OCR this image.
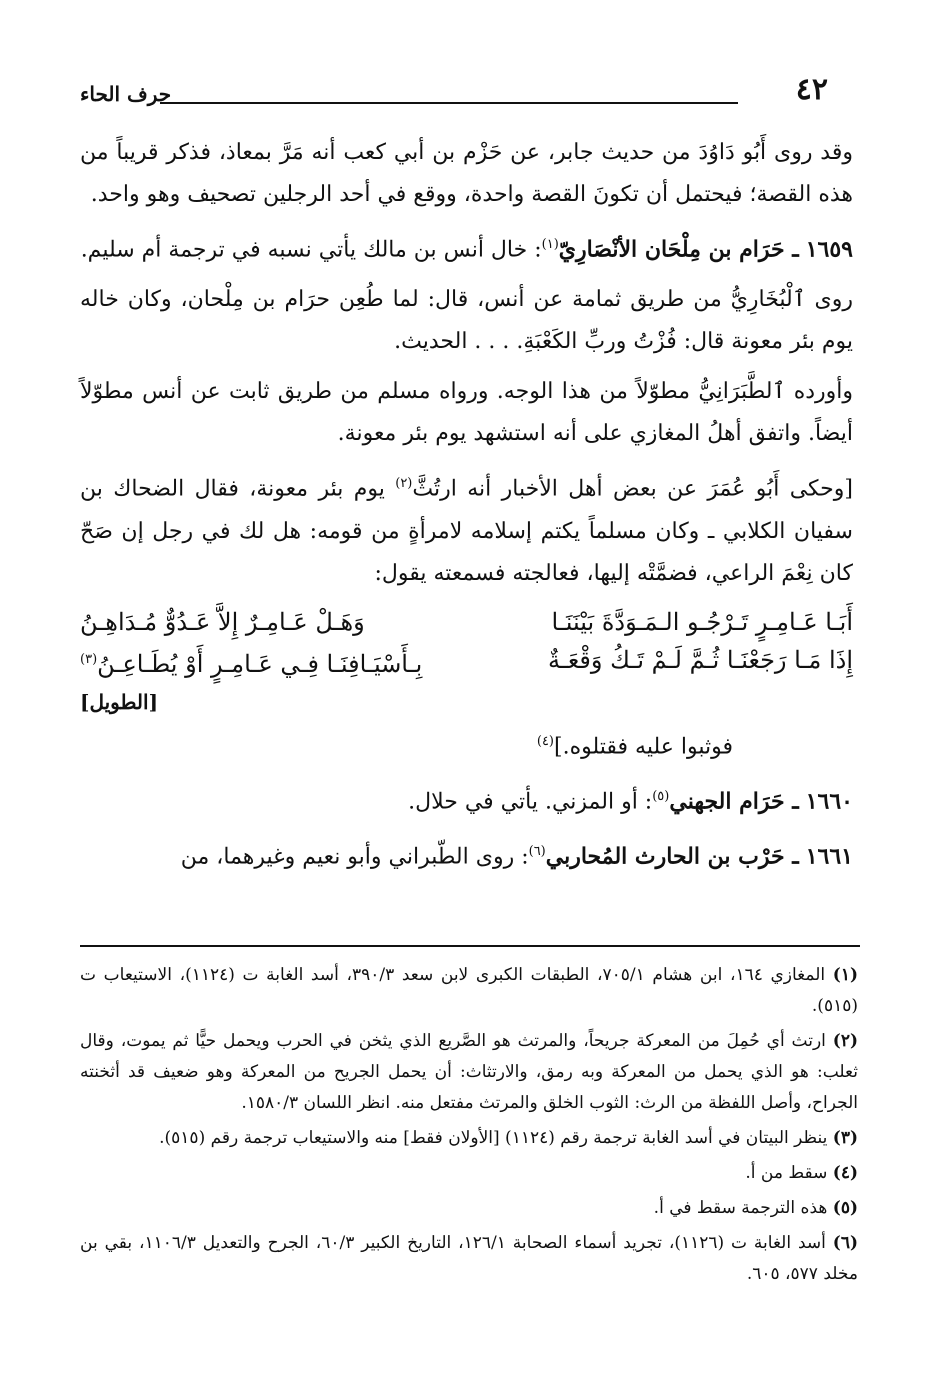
٤٢
حرف الحاء

وقد روى أَبُو دَاوُدَ من حديث جابر، عن حَزْم بن أبي كعب أنه مَرَّ بمعاذ، فذكر قريباً من هذه القصة؛ فيحتمل أن تكونَ القصة واحدة، ووقع في أحد الرجلين تصحيف وهو واحد.

١٦٥٩ ـ حَرَام بن مِلْحَان الأنْصَارِيّ$^{(١)}$: خال أنس بن مالك يأتي نسبه في ترجمة أم سليم.

روى ٱلْبُخَارِيُّ من طريق ثمامة عن أنس، قال: لما طُعِن حرَام بن مِلْحان، وكان خاله يوم بئر معونة قال: فُزْتُ وربِّ الكَعْبَةِ. . . . الحديث.

وأورده ٱلطَّبَرَانِيُّ مطوّلاً من هذا الوجه. ورواه مسلم من طريق ثابت عن أنس مطوّلاً أيضاً. واتفق أهلُ المغازي على أنه استشهد يوم بئر معونة.

[وحكى أَبُو عُمَرَ عن بعض أهل الأخبار أنه ارتُثَّ$^{(٢)}$ يوم بئر معونة، فقال الضحاك بن سفيان الكلابي ـ وكان مسلماً يكتم إسلامه لامرأةٍ من قومه: هل لك في رجل إن صَحّ كان نِعْمَ الراعي، فضمَّتْه إليها، فعالجته فسمعته يقول:

أَبَـا عَـامِـرٍ تَـرْجُـو الـمَـوَدَّةَ بَيْنَنَـا
وَهَـلْ عَـامِـرٌ إِلاَّ عَـدُوٌّ مُـدَاهِـنُ
إِذَا مَـا رَجَعْنَـا ثُـمَّ لَـمْ تَـكُ وَقْعَـةٌ
بِـأَسْيَـافِنَـا فِـي عَـامِـرٍ أَوْ يُطَـاعِـنُ$^{(٣)}$
[الطويل]

فوثبوا عليه فقتلوه.]$^{(٤)}$

١٦٦٠ ـ حَرَام الجهني$^{(٥)}$: أو المزني. يأتي في حلال.

١٦٦١ ـ حَرْب بن الحارث المُحاربي$^{(٦)}$: روى الطّبراني وأبو نعيم وغيرهما، من

(١) المغازي ١٦٤، ابن هشام ٧٠٥/١، الطبقات الكبرى لابن سعد ٣٩٠/٣، أسد الغابة ت (١١٢٤)، الاستيعاب ت (٥١٥).

(٢) ارتث أي حُمِلَ من المعركة جريحاً، والمرتث هو الصَّريع الذي يثخن في الحرب ويحمل حيًّا ثم يموت، وقال ثعلب: هو الذي يحمل من المعركة وبه رمق، والارتثاث: أن يحمل الجريح من المعركة وهو ضعيف قد أثخنته الجراح، وأصل اللفظة من الرث: الثوب الخلق والمرتث مفتعل منه. انظر اللسان ١٥٨٠/٣.

(٣) ينظر البيتان في أسد الغابة ترجمة رقم (١١٢٤) [الأولان فقط] منه والاستيعاب ترجمة رقم (٥١٥).

(٤) سقط من أ.

(٥) هذه الترجمة سقط في أ.

(٦) أسد الغابة ت (١١٢٦)، تجريد أسماء الصحابة ١٢٦/١، التاريخ الكبير ٦٠/٣، الجرح والتعديل ١١٠٦/٣، بقي بن مخلد ٥٧٧، ٦٠٥.
